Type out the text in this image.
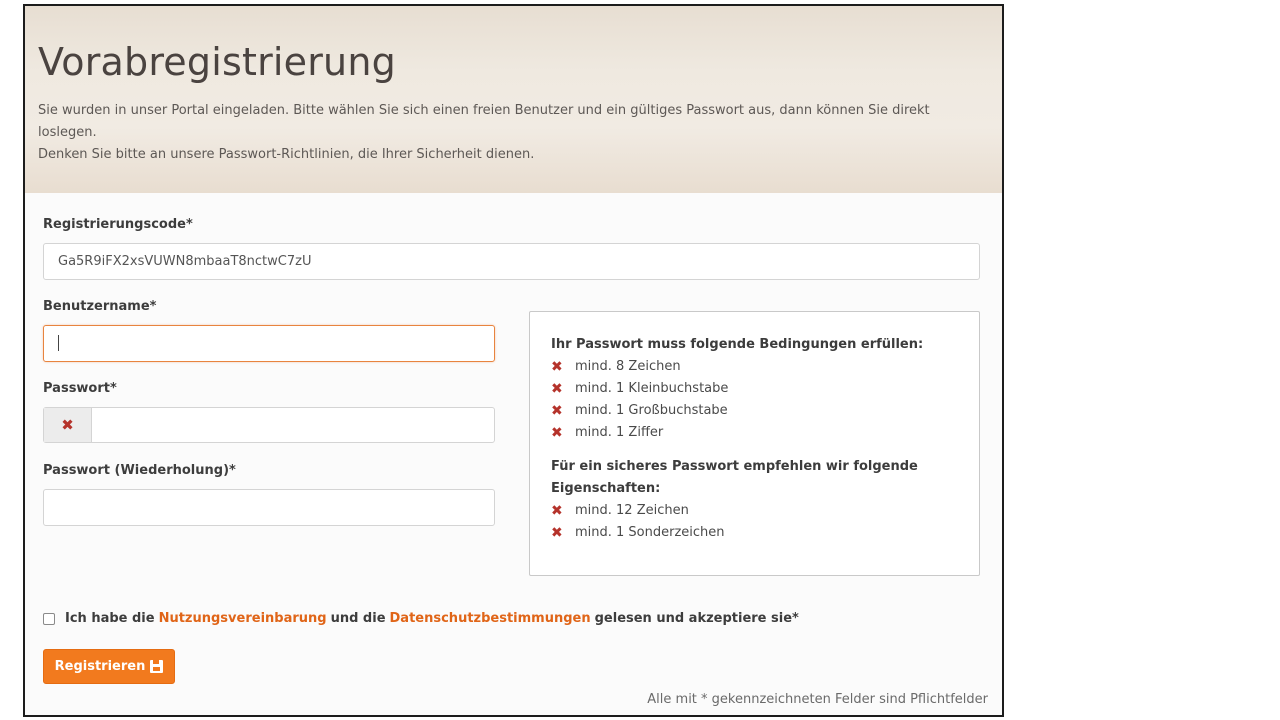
Vorabregistrierung

Sie wurden in unser Portal eingeladen. Bitte wählen Sie sich einen freien Benutzer und ein gültiges Passwort aus, dann können Sie direkt loslegen.

Denken Sie bitte an unsere Passwort-Richtlinien, die Ihrer Sicherheit dienen.

Registrierungscode*
Ga5R9iFX2xsVUWN8mbaaT8nctwC7zU
Benutzername*
Passwort*
✖
Passwort (Wiederholung)*
Ihr Passwort muss folgende Bedingungen erfüllen:
✖ mind. 8 Zeichen
✖ mind. 1 Kleinbuchstabe
✖ mind. 1 Großbuchstabe
✖ mind. 1 Ziffer
Für ein sicheres Passwort empfehlen wir folgende Eigenschaften:
✖ mind. 12 Zeichen
✖ mind. 1 Sonderzeichen
Ich habe die Nutzungsvereinbarung und die Datenschutzbestimmungen gelesen und akzeptiere sie*
Registrieren
Alle mit * gekennzeichneten Felder sind Pflichtfelder
